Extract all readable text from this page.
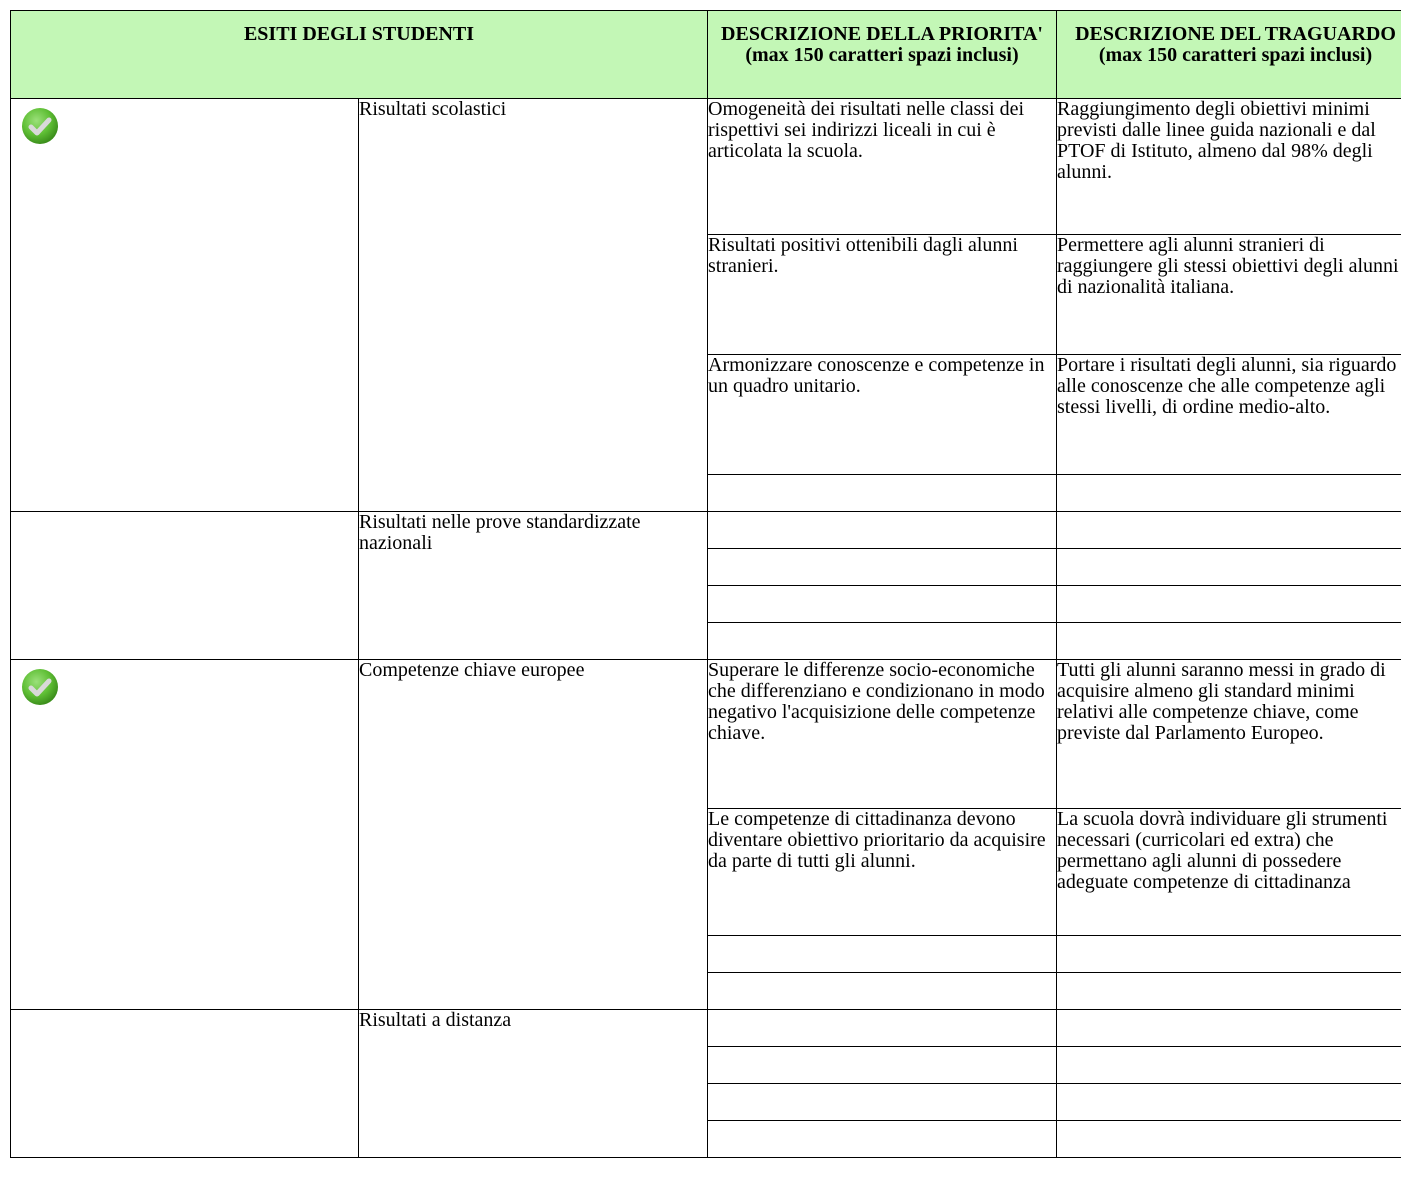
ESITI DEGLI STUDENTI		DESCRIZIONE DELLA PRIORITA' (max 150 caratteri spazi inclusi)	DESCRIZIONE DEL TRAGUARDO (max 150 caratteri spazi inclusi)

	Risultati scolastici	Omogeneità dei risultati nelle classi dei rispettivi sei indirizzi liceali in cui è articolata la scuola.	Raggiungimento degli obiettivi minimi previsti dalle linee guida nazionali e dal PTOF di Istituto, almeno dal 98% degli alunni.
		Risultati positivi ottenibili dagli alunni stranieri.	Permettere agli alunni stranieri di raggiungere gli stessi obiettivi degli alunni di nazionalità italiana.
		Armonizzare conoscenze e competenze in un quadro unitario.	Portare i risultati degli alunni, sia riguardo alle conoscenze che alle competenze agli stessi livelli, di ordine medio-alto.

	Risultati nelle prove standardizzate nazionali		

	Competenze chiave europee	Superare le differenze socio-economiche che differenziano e condizionano in modo negativo l'acquisizione delle competenze chiave.	Tutti gli alunni saranno messi in grado di acquisire almeno gli standard minimi relativi alle competenze chiave, come previste dal Parlamento Europeo.
		Le competenze di cittadinanza devono diventare obiettivo prioritario da acquisire da parte di tutti gli alunni.	La scuola dovrà individuare gli strumenti necessari (curricolari ed extra) che permettano agli alunni di possedere adeguate competenze di cittadinanza

	Risultati a distanza		
